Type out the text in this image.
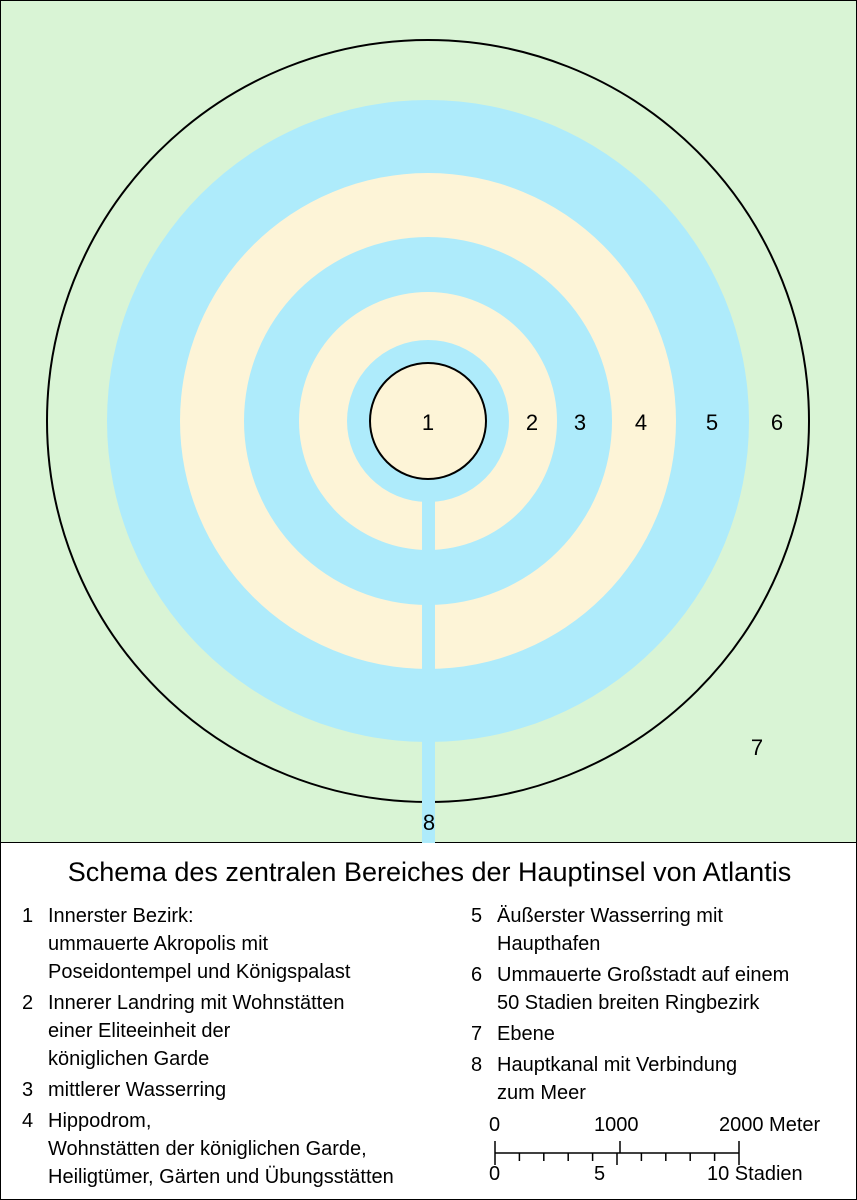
1	2 3 4	5 6
7
8
Schema des zentralen Bereiches der Hauptinsel von Atlantis
1 Innerster Bezirk:
ummauerte Akropolis mit
Poseidontempel und Königspalast
2 Innerer Landring mit Wohnstätten
einer Eliteeinheit der
königlichen Garde
3 mittlerer Wasserring
4 Hippodrom,
Wohnstätten der königlichen Garde,
Heiligtümer, Gärten und Übungsstätten
5 Äußerster Wasserring mit
Haupthafen
6 Ummauerte Großstadt auf einem
50 Stadien breiten Ringbezirk
7 Ebene
8 Hauptkanal mit Verbindung
zum Meer
0	1000	2000 Meter
0	5	10 Stadien
